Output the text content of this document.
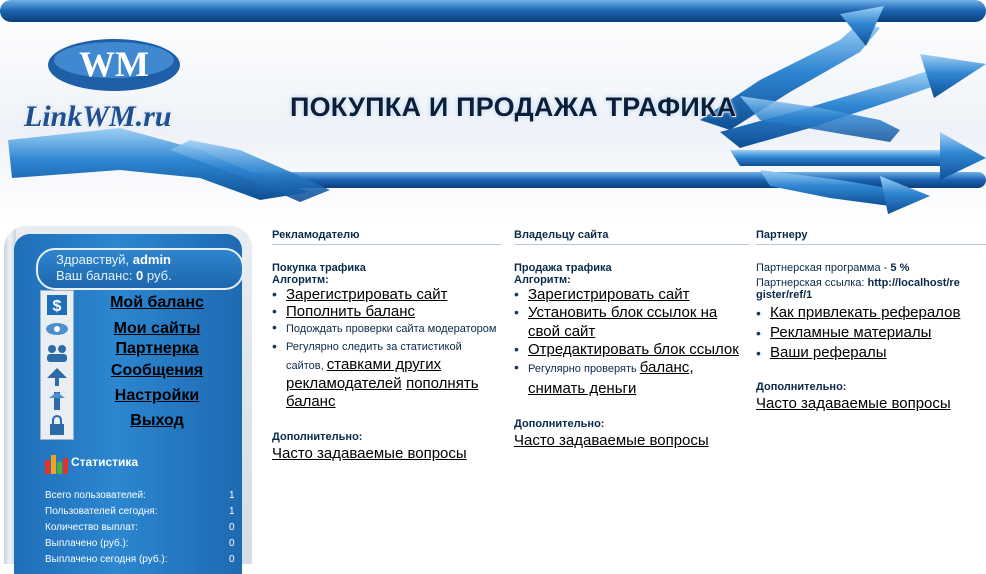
WM
LinkWM.ru	ПОКУПКА И ПРОДАЖА ТРАФИКА
Здравствуй, admin
Ваш баланс: 0 руб.
$	Мой баланс
Мои сайты
Партнерка
Сообщения
Настройки
Выход
Статистика
Всего пользователей:	1
Пользователей сегодня:	1
Количество выплат:	0
Выплачено (руб.):	0
Выплачено сегодня (руб.):	0
Рекламодателю
Покупка трафика
Алгоритм:
• Зарегистрировать сайт
• Пополнить баланс
• Подождать проверки сайта модератором
• Регулярно следить за статистикой сайтов, ставками других рекламодателей пополнять баланс
Дополнительно:
Часто задаваемые вопросы
Владельцу сайта
Продажа трафика
Алгоритм:
• Зарегистрировать сайт
• Установить блок ссылок на свой сайт
• Отредактировать блок ссылок
• Регулярно проверять баланс, снимать деньги
Дополнительно:
Часто задаваемые вопросы
Партнеру
Партнерская программа - 5 %
Партнерская ссылка: http://localhost/register/ref/1
• Как привлекать рефералов
• Рекламные материалы
• Ваши рефералы
Дополнительно:
Часто задаваемые вопросы
